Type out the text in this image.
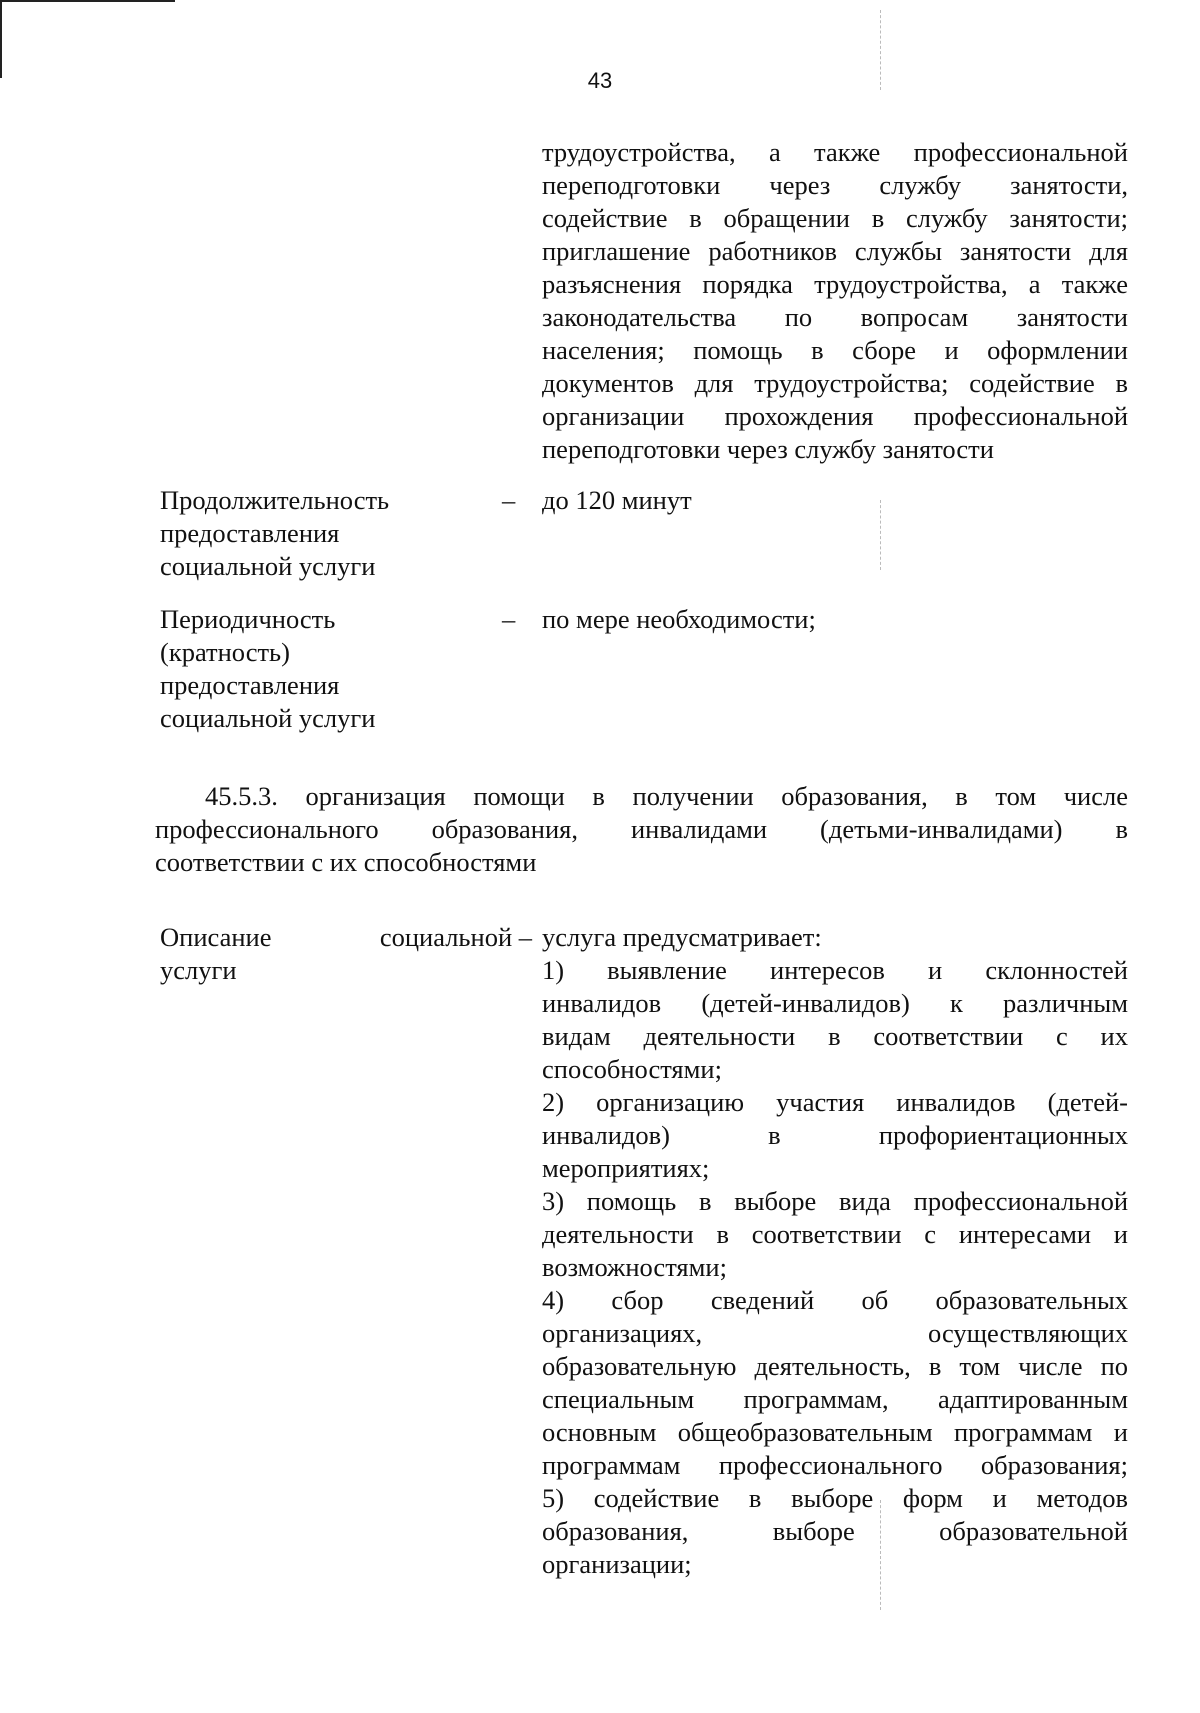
43
трудоустройства, а также профессиональной
переподготовки через службу занятости,
содействие в обращении в службу занятости;
приглашение работников службы занятости для
разъяснения порядка трудоустройства, а также
законодательства по вопросам занятости
населения; помощь в сборе и оформлении
документов для трудоустройства; содействие в
организации прохождения профессиональной
переподготовки через службу занятости
Продолжительность
предоставления
социальной услуги
– до 120 минут
Периодичность
(кратность)
предоставления
социальной услуги
– по мере необходимости;
45.5.3. организация помощи в получении образования, в том числе
профессионального образования, инвалидами (детьми-инвалидами) в
соответствии с их способностями
Описание	социальной –
услуги
услуга предусматривает:
1) выявление интересов и склонностей
инвалидов (детей-инвалидов) к различным
видам деятельности в соответствии с их
способностями;
2) организацию участия инвалидов (детей-
инвалидов) в профориентационных
мероприятиях;
3) помощь в выборе вида профессиональной
деятельности в соответствии с интересами и
возможностями;
4) сбор сведений об образовательных
организациях, осуществляющих
образовательную деятельность, в том числе по
специальным программам, адаптированным
основным общеобразовательным программам и
программам профессионального образования;
5) содействие в выборе форм и методов
образования, выборе образовательной
организации;
